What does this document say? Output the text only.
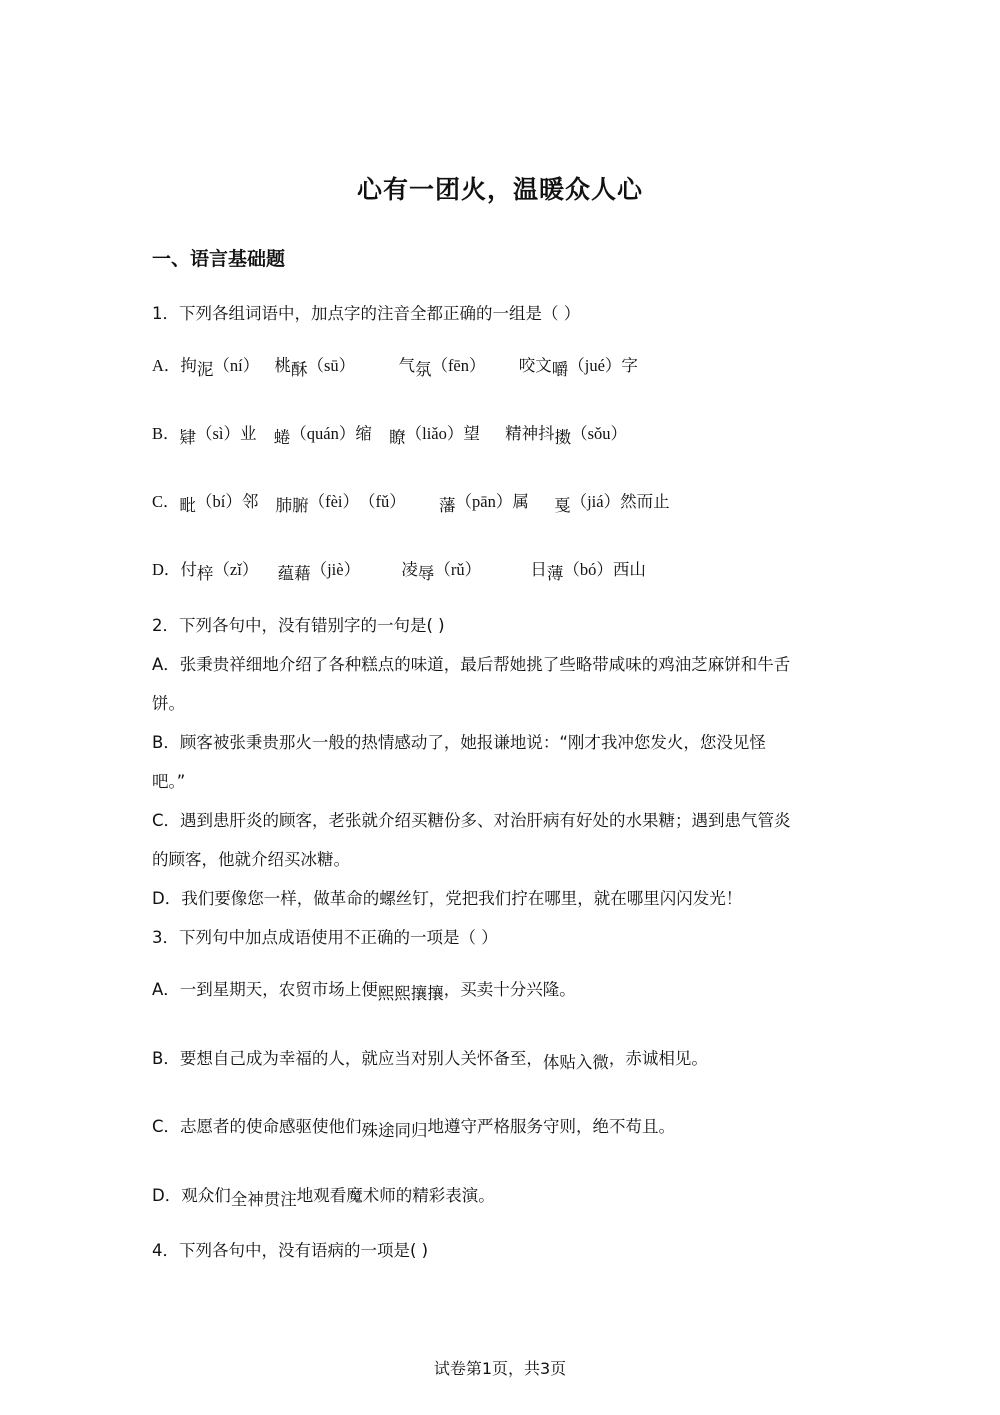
心有一团火，温暖众人心
一、语言基础题
1．下列各组词语中，加点字的注音全都正确的一组是（ ）
A．拘泥（ní） 桃酥（sū）	气氛（fēn） 咬文嚼（jué）字
B．肄（sì）业 蜷（quán）缩 瞭（liǎo）望 精神抖擞（sǒu）
C．毗（bí）邻 肺腑（fèi）（fǔ） 藩（pān）属 戛（jiá）然而止
D．付梓（zǐ） 蕴藉（jiè）	凌辱（rǔ）	日薄（bó）西山
2．下列各句中，没有错别字的一句是( )
A．张秉贵祥细地介绍了各种糕点的味道，最后帮她挑了些略带咸味的鸡油芝麻饼和牛舌
饼。
B．顾客被张秉贵那火一般的热情感动了，她报谦地说：“刚才我冲您发火，您没见怪
吧。”
C．遇到患肝炎的顾客，老张就介绍买糖份多、对治肝病有好处的水果糖；遇到患气管炎
的顾客，他就介绍买冰糖。
D．我们要像您一样，做革命的螺丝钉，党把我们拧在哪里，就在哪里闪闪发光！
3．下列句中加点成语使用不正确的一项是（ ）
A．一到星期天，农贸市场上便熙熙攘攘，买卖十分兴隆。
B．要想自己成为幸福的人，就应当对别人关怀备至，体贴入微，赤诚相见。
C．志愿者的使命感驱使他们殊途同归地遵守严格服务守则，绝不苟且。
D．观众们全神贯注地观看魔术师的精彩表演。
4．下列各句中，没有语病的一项是( )
试卷第1页，共3页
